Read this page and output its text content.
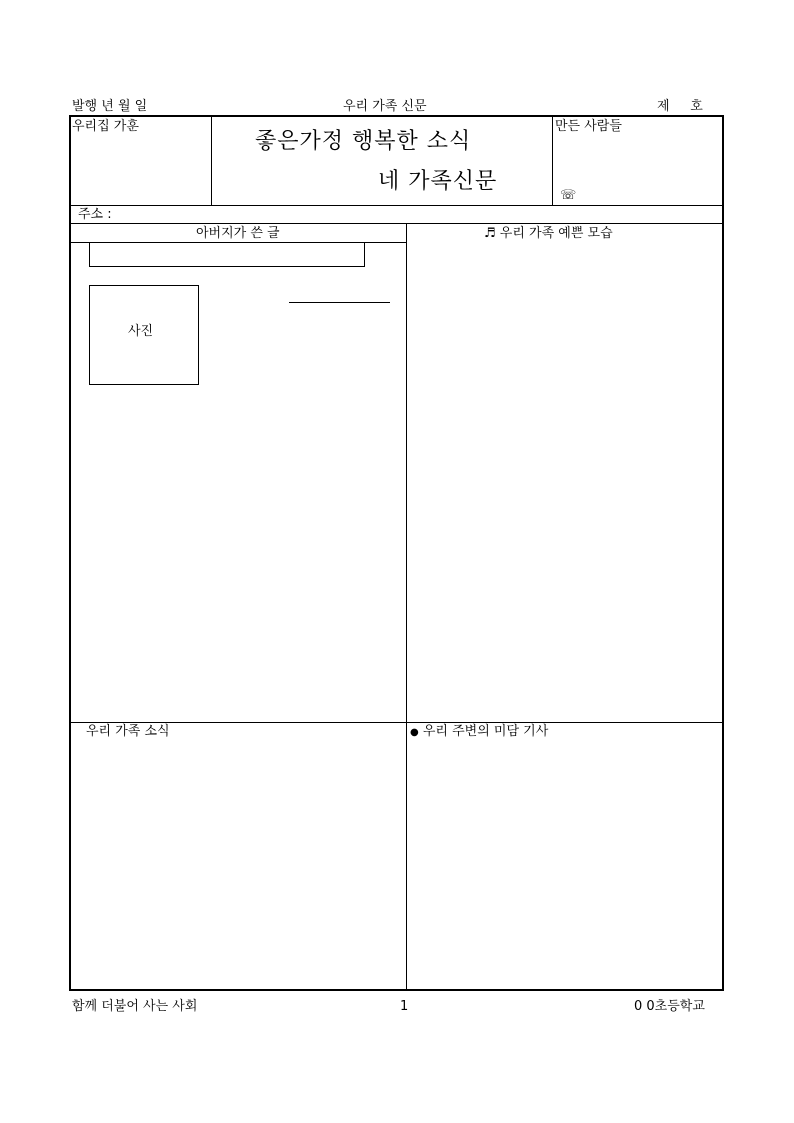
발행 년 월 일	우리 가족 신문	제     호
우리집 가훈
좋은가정 행복한 소식
네 가족신문
만든 사람들
☏
주소 :
아버지가 쓴 글
사진
♬ 우리 가족 예쁜 모습
우리 가족 소식	● 우리 주변의 미담 기사
함께 더불어 사는 사회	1	0 0초등학교
